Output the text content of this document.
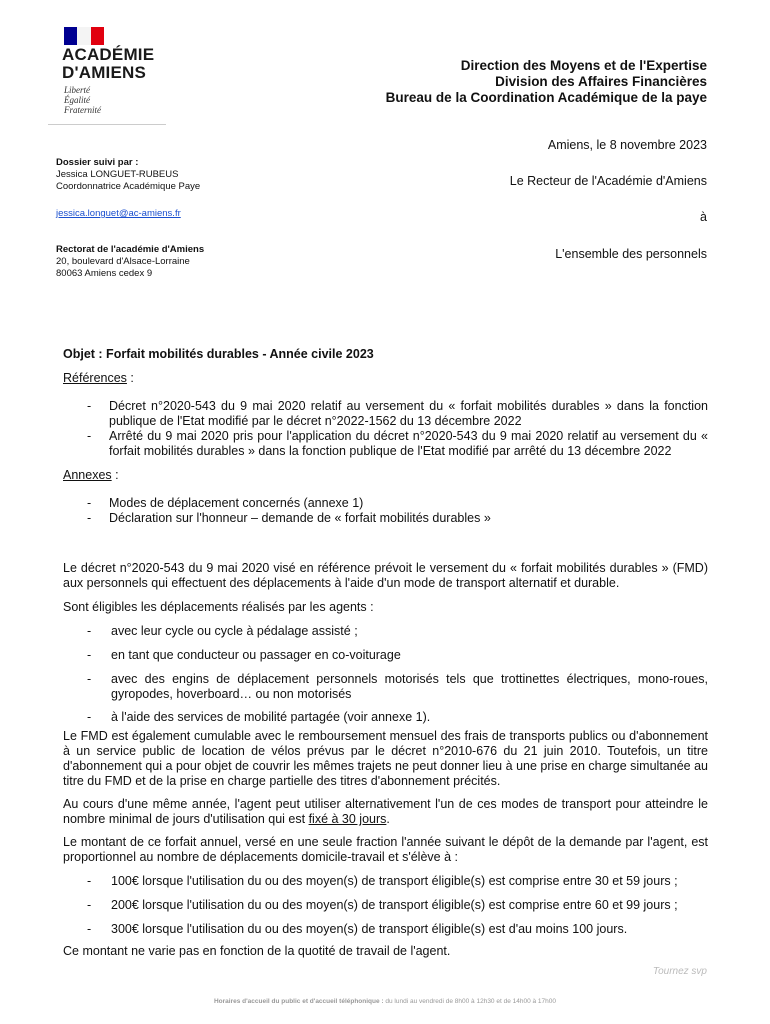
ACADÉMIE
D'AMIENS
Liberté
Égalité
Fraternité
Direction des Moyens et de l'Expertise
Division des Affaires Financières
Bureau de la Coordination Académique de la paye
Amiens, le 8 novembre 2023
Le Recteur de l'Académie d'Amiens
à
L'ensemble des personnels
Dossier suivi par :
Jessica LONGUET-RUBEUS
Coordonnatrice Académique Paye
jessica.longuet@ac-amiens.fr
Rectorat de l'académie d'Amiens
20, boulevard d'Alsace-Lorraine
80063 Amiens cedex 9
Objet : Forfait mobilités durables - Année civile 2023
Références :
- Décret n°2020-543 du 9 mai 2020 relatif au versement du « forfait mobilités durables » dans la fonction publique de l'Etat modifié par le décret n°2022-1562 du 13 décembre 2022
- Arrêté du 9 mai 2020 pris pour l'application du décret n°2020-543 du 9 mai 2020 relatif au versement du « forfait mobilités durables » dans la fonction publique de l'Etat modifié par arrêté du 13 décembre 2022
Annexes :
- Modes de déplacement concernés (annexe 1)
- Déclaration sur l'honneur – demande de « forfait mobilités durables »
Le décret n°2020-543 du 9 mai 2020 visé en référence prévoit le versement du « forfait mobilités durables » (FMD) aux personnels qui effectuent des déplacements à l'aide d'un mode de transport alternatif et durable.
Sont éligibles les déplacements réalisés par les agents :
- avec leur cycle ou cycle à pédalage assisté ;
- en tant que conducteur ou passager en co-voiturage
- avec des engins de déplacement personnels motorisés tels que trottinettes électriques, mono-roues, gyropodes, hoverboard… ou non motorisés
- à l'aide des services de mobilité partagée (voir annexe 1).
Le FMD est également cumulable avec le remboursement mensuel des frais de transports publics ou d'abonnement à un service public de location de vélos prévus par le décret n°2010-676 du 21 juin 2010. Toutefois, un titre d'abonnement qui a pour objet de couvrir les mêmes trajets ne peut donner lieu à une prise en charge simultanée au titre du FMD et de la prise en charge partielle des titres d'abonnement précités.
Au cours d'une même année, l'agent peut utiliser alternativement l'un de ces modes de transport pour atteindre le nombre minimal de jours d'utilisation qui est fixé à 30 jours.
Le montant de ce forfait annuel, versé en une seule fraction l'année suivant le dépôt de la demande par l'agent, est proportionnel au nombre de déplacements domicile-travail et s'élève à :
- 100€ lorsque l'utilisation du ou des moyen(s) de transport éligible(s) est comprise entre 30 et 59 jours ;
- 200€ lorsque l'utilisation du ou des moyen(s) de transport éligible(s) est comprise entre 60 et 99 jours ;
- 300€ lorsque l'utilisation du ou des moyen(s) de transport éligible(s) est d'au moins 100 jours.
Ce montant ne varie pas en fonction de la quotité de travail de l'agent.
Tournez svp
Horaires d'accueil du public et d'accueil téléphonique : du lundi au vendredi de 8h00 à 12h30 et de 14h00 à 17h00
